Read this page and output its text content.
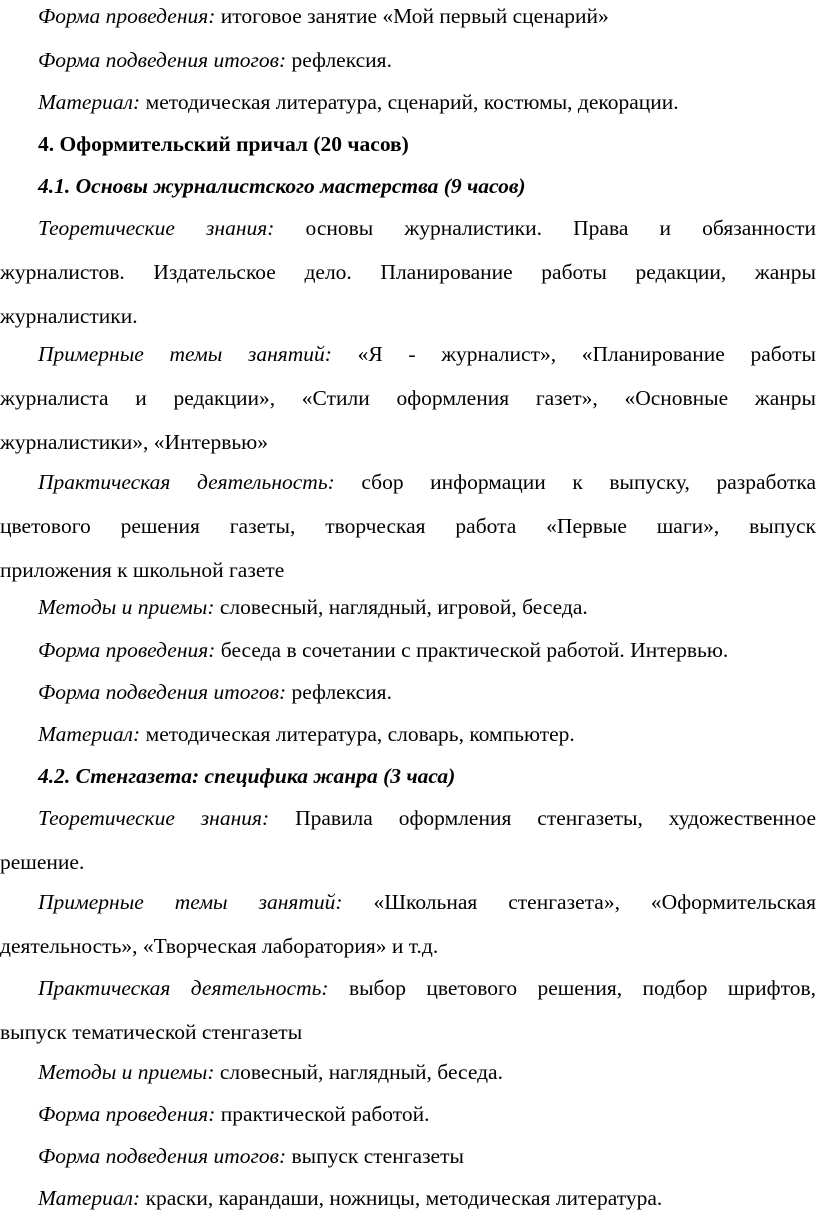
Форма проведения: итоговое занятие «Мой первый сценарий»

Форма подведения итогов: рефлексия.

Материал: методическая литература, сценарий, костюмы, декорации.

4. Оформительский причал (20 часов)

4.1. Основы журналистского мастерства (9 часов)

Теоретические знания: основы журналистики. Права и обязанности
журналистов. Издательское дело. Планирование работы редакции, жанры
журналистики.

Примерные темы занятий: «Я - журналист», «Планирование работы
журналиста и редакции», «Стили оформления газет», «Основные жанры
журналистики», «Интервью»

Практическая деятельность: сбор информации к выпуску, разработка
цветового решения газеты, творческая работа «Первые шаги», выпуск
приложения к школьной газете

Методы и приемы: словесный, наглядный, игровой, беседа.

Форма проведения: беседа в сочетании с практической работой. Интервью.

Форма подведения итогов: рефлексия.

Материал: методическая литература, словарь, компьютер.

4.2. Стенгазета: специфика жанра (3 часа)

Теоретические знания: Правила оформления стенгазеты, художественное
решение.

Примерные темы занятий: «Школьная стенгазета», «Оформительская
деятельность», «Творческая лаборатория» и т.д.

Практическая деятельность: выбор цветового решения, подбор шрифтов,
выпуск тематической стенгазеты

Методы и приемы: словесный, наглядный, беседа.

Форма проведения: практической работой.

Форма подведения итогов: выпуск стенгазеты

Материал: краски, карандаши, ножницы, методическая литература.
